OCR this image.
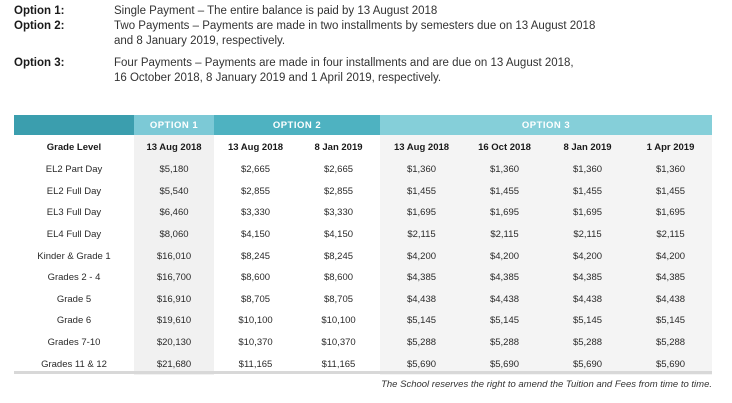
Option 1:	Single Payment – The entire balance is paid by 13 August 2018
Option 2:	Two Payments – Payments are made in two installments by semesters due on 13 August 2018
and 8 January 2019, respectively.
Option 3:	Four Payments – Payments are made in four installments and are due on 13 August 2018,
16 October 2018, 8 January 2019 and 1 April 2019, respectively.
	OPTION 1	OPTION 2		OPTION 3			
Grade Level	13 Aug 2018	13 Aug 2018	8 Jan 2019	13 Aug 2018	16 Oct 2018	8 Jan 2019	1 Apr 2019
EL2 Part Day	$5,180	$2,665	$2,665	$1,360	$1,360	$1,360	$1,360
EL2 Full Day	$5,540	$2,855	$2,855	$1,455	$1,455	$1,455	$1,455
EL3 Full Day	$6,460	$3,330	$3,330	$1,695	$1,695	$1,695	$1,695
EL4 Full Day	$8,060	$4,150	$4,150	$2,115	$2,115	$2,115	$2,115
Kinder & Grade 1	$16,010	$8,245	$8,245	$4,200	$4,200	$4,200	$4,200
Grades 2 - 4	$16,700	$8,600	$8,600	$4,385	$4,385	$4,385	$4,385
Grade 5	$16,910	$8,705	$8,705	$4,438	$4,438	$4,438	$4,438
Grade 6	$19,610	$10,100	$10,100	$5,145	$5,145	$5,145	$5,145
Grades 7-10	$20,130	$10,370	$10,370	$5,288	$5,288	$5,288	$5,288
Grades 11 & 12	$21,680	$11,165	$11,165	$5,690	$5,690	$5,690	$5,690
The School reserves the right to amend the Tuition and Fees from time to time.
